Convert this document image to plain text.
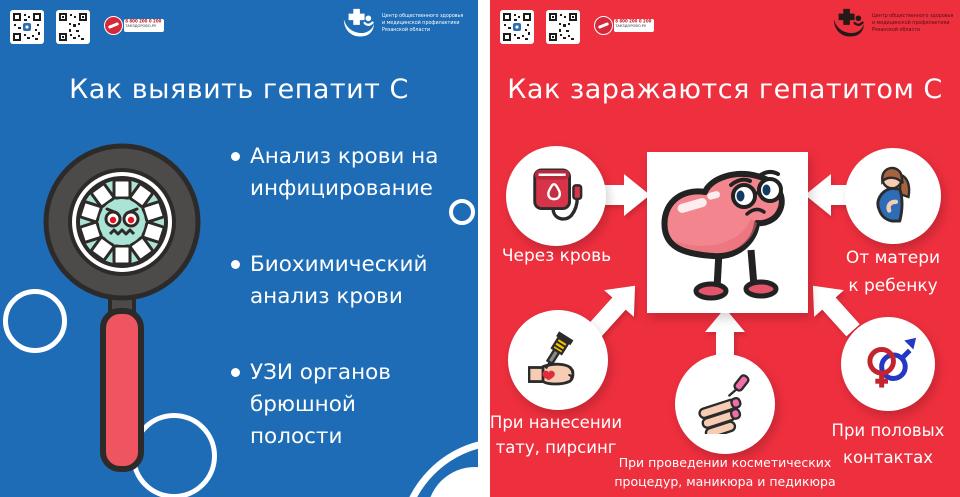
8 800 200 0 200
ТАКЗДОРОВО.РУ
Центр общественного здоровья
и медицинской профилактики
Рязанской области
Как выявить гепатит С
Анализ крови на инфицирование
Биохимический анализ крови
УЗИ органов брюшной полости
8 800 200 0 200
ТАКЗДОРОВО.РУ
Центр общественного здоровья
и медицинской профилактики
Рязанской области
Как заражаются гепатитом С
Через кровь	От матери
к ребенку
При нанесении
тату, пирсинг
При проведении косметических
процедур, маникюра и педикюра
При половых
контактах
